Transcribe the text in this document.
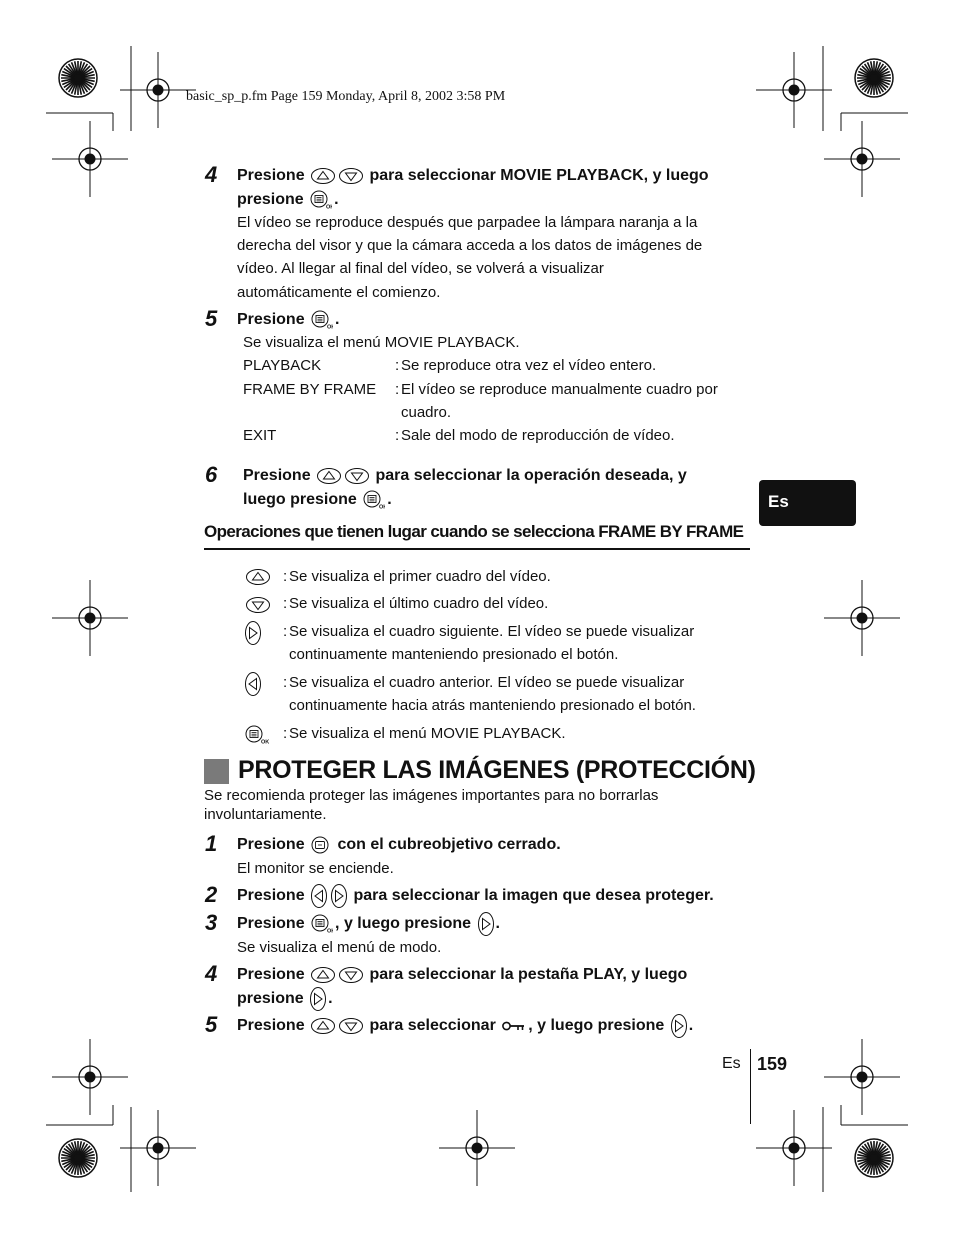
basic_sp_p.fm Page 159 Monday, April 8, 2002 3:58 PM
Es
4 Presione	para seleccionar MOVIE PLAYBACK, y luego
presione .
El vídeo se reproduce después que parpadee la lámpara naranja a la
derecha del visor y que la cámara acceda a los datos de imágenes de
vídeo. Al llegar al final del vídeo, se volverá a visualizar
automáticamente el comienzo.
5 Presione .
Se visualiza el menú MOVIE PLAYBACK.
PLAYBACK	: Se reproduce otra vez el vídeo entero.
FRAME BY FRAME : El vídeo se reproduce manualmente cuadro por
cuadro.
EXIT	: Sale del modo de reproducción de vídeo.
6 Presione	para seleccionar la operación deseada, y
luego presione .
Operaciones que tienen lugar cuando se selecciona FRAME BY FRAME
: Se visualiza el primer cuadro del vídeo.
: Se visualiza el último cuadro del vídeo.
: Se visualiza el cuadro siguiente. El vídeo se puede visualizar
continuamente manteniendo presionado el botón.
: Se visualiza el cuadro anterior. El vídeo se puede visualizar
continuamente hacia atrás manteniendo presionado el botón.
: Se visualiza el menú MOVIE PLAYBACK.
PROTEGER LAS IMÁGENES (PROTECCIÓN)
Se recomienda proteger las imágenes importantes para no borrarlas
involuntariamente.
1 Presione con el cubreobjetivo cerrado.
El monitor se enciende.
2 Presione	para seleccionar la imagen que desea proteger.
3 Presione , y luego presione .
Se visualiza el menú de modo.
4 Presione	para seleccionar la pestaña PLAY, y luego
presione .
5 Presione	para seleccionar , y luego presione .
Es 159
